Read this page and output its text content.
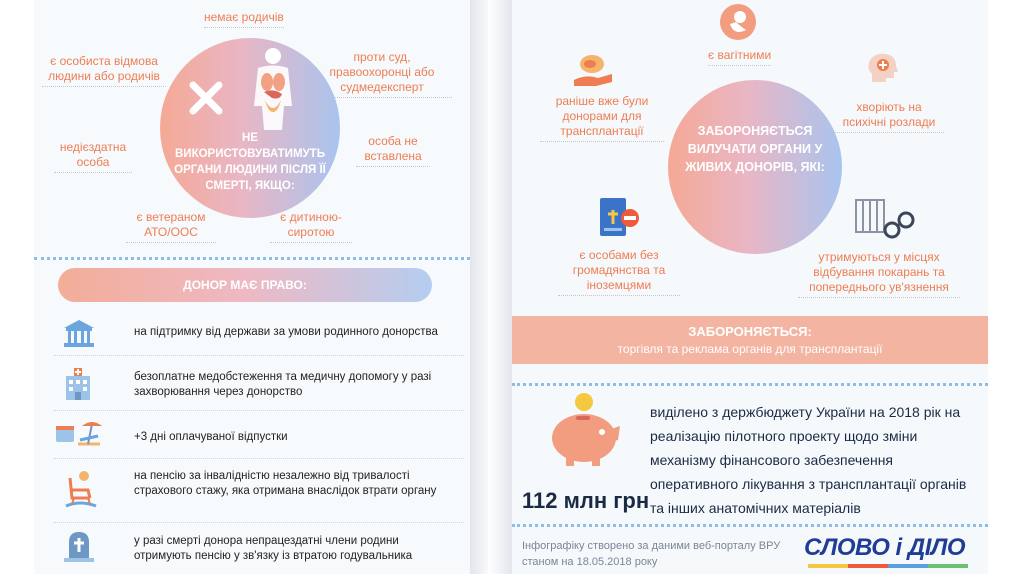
немає родичів
є особиста відмова людини або родичів
проти суд, правоохоронці або судмедексперт
недієздатна особа
особа не вставлена
є ветераном АТО/ООС
є дитиною-сиротою
НЕ ВИКОРИСТОВУВАТИМУТЬ ОРГАНИ ЛЮДИНИ ПІСЛЯ ЇЇ СМЕРТІ, ЯКЩО:
ДОНОР МАЄ ПРАВО:
на підтримку від держави за умови родинного донорства
безоплатне медобстеження та медичну допомогу у разі захворювання через донорство
+3 дні оплачуваної відпустки
на пенсію за інвалідністю незалежно від тривалості страхового стажу, яка отримана внаслідок втрати органу
у разі смерті донора непрацездатні члени родини отримують пенсію у зв'язку із втратою годувальника
є вагітними
раніше вже були донорами для трансплантації
хворіють на психічні розлади
ЗАБОРОНЯЄТЬСЯ ВИЛУЧАТИ ОРГАНИ У ЖИВИХ ДОНОРІВ, ЯКІ:
є особами без громадянства та іноземцями
утримуються у місцях відбування покарань та попереднього ув'язнення
ЗАБОРОНЯЄТЬСЯ:
торгівля та реклама органів для трансплантації
112 млн грн
виділено з держбюджету України на 2018 рік на реалізацію пілотного проекту щодо зміни механізму фінансового забезпечення оперативного лікування з трансплантації органів та інших анатомічних матеріалів
Інфографіку створено за даними веб-порталу ВРУ
станом на 18.05.2018 року
СЛОВО і ДІЛО
